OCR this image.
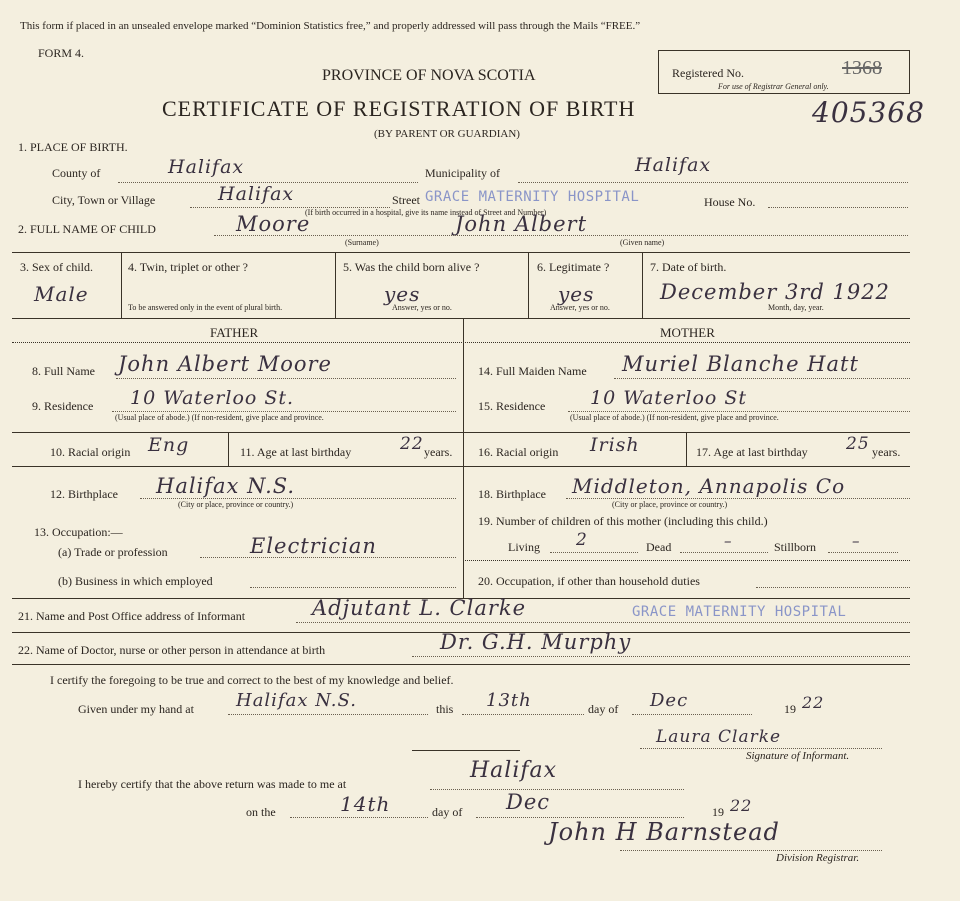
This form if placed in an unsealed envelope marked “Dominion Statistics free,” and properly addressed will pass through the Mails “FREE.”
FORM 4.
PROVINCE OF NOVA SCOTIA
CERTIFICATE OF REGISTRATION OF BIRTH
(BY PARENT OR GUARDIAN)
Registered No.	1368
For use of Registrar General only.
405368
1. PLACE OF BIRTH.
County of	Halifax	Municipality of	Halifax
City, Town or Village	Halifax	Street GRACE MATERNITY HOSPITAL
(If birth occurred in a hospital, give its name instead of Street and Number)
House No.
2. FULL NAME OF CHILD	Moore	John Albert
(Surname)	(Given name)
3. Sex of child.
Male
4. Twin, triplet or other ?
To be answered only in the event of plural birth.
5. Was the child born alive ?
yes
Answer, yes or no.
6. Legitimate ?
yes
Answer, yes or no.
7. Date of birth.
December 3rd 1922
Month, day, year.
FATHER	MOTHER
8. Full Name John Albert Moore
9. Residence 10 Waterloo St.
(Usual place of abode.) (If non-resident, give place and province.
10. Racial origin Eng	11. Age at last birthday	22 years.
12. Birthplace Halifax N.S.
(City or place, province or country.)
13. Occupation:—
(a) Trade or profession	Electrician
(b) Business in which employed
14. Full Maiden Name Muriel Blanche Hatt
15. Residence 10 Waterloo St
(Usual place of abode.) (If non-resident, give place and province.
16. Racial origin Irish	17. Age at last birthday 25 years.
18. Birthplace Middleton, Annapolis Co
(City or place, province or country.)
19. Number of children of this mother (including this child.)
Living 2	Dead	–	Stillborn –
20. Occupation, if other than household duties
21. Name and Post Office address of Informant	Adjutant L. Clarke	GRACE MATERNITY HOSPITAL
22. Name of Doctor, nurse or other person in attendance at birth	Dr. G.H. Murphy
I certify the foregoing to be true and correct to the best of my knowledge and belief.
Given under my hand at Halifax N.S.	this 13th	day of Dec	19 22
Laura Clarke
Signature of Informant.
I hereby certify that the above return was made to me at
Halifax
on the	14th	day of Dec	19 22
John H Barnstead
Division Registrar.
